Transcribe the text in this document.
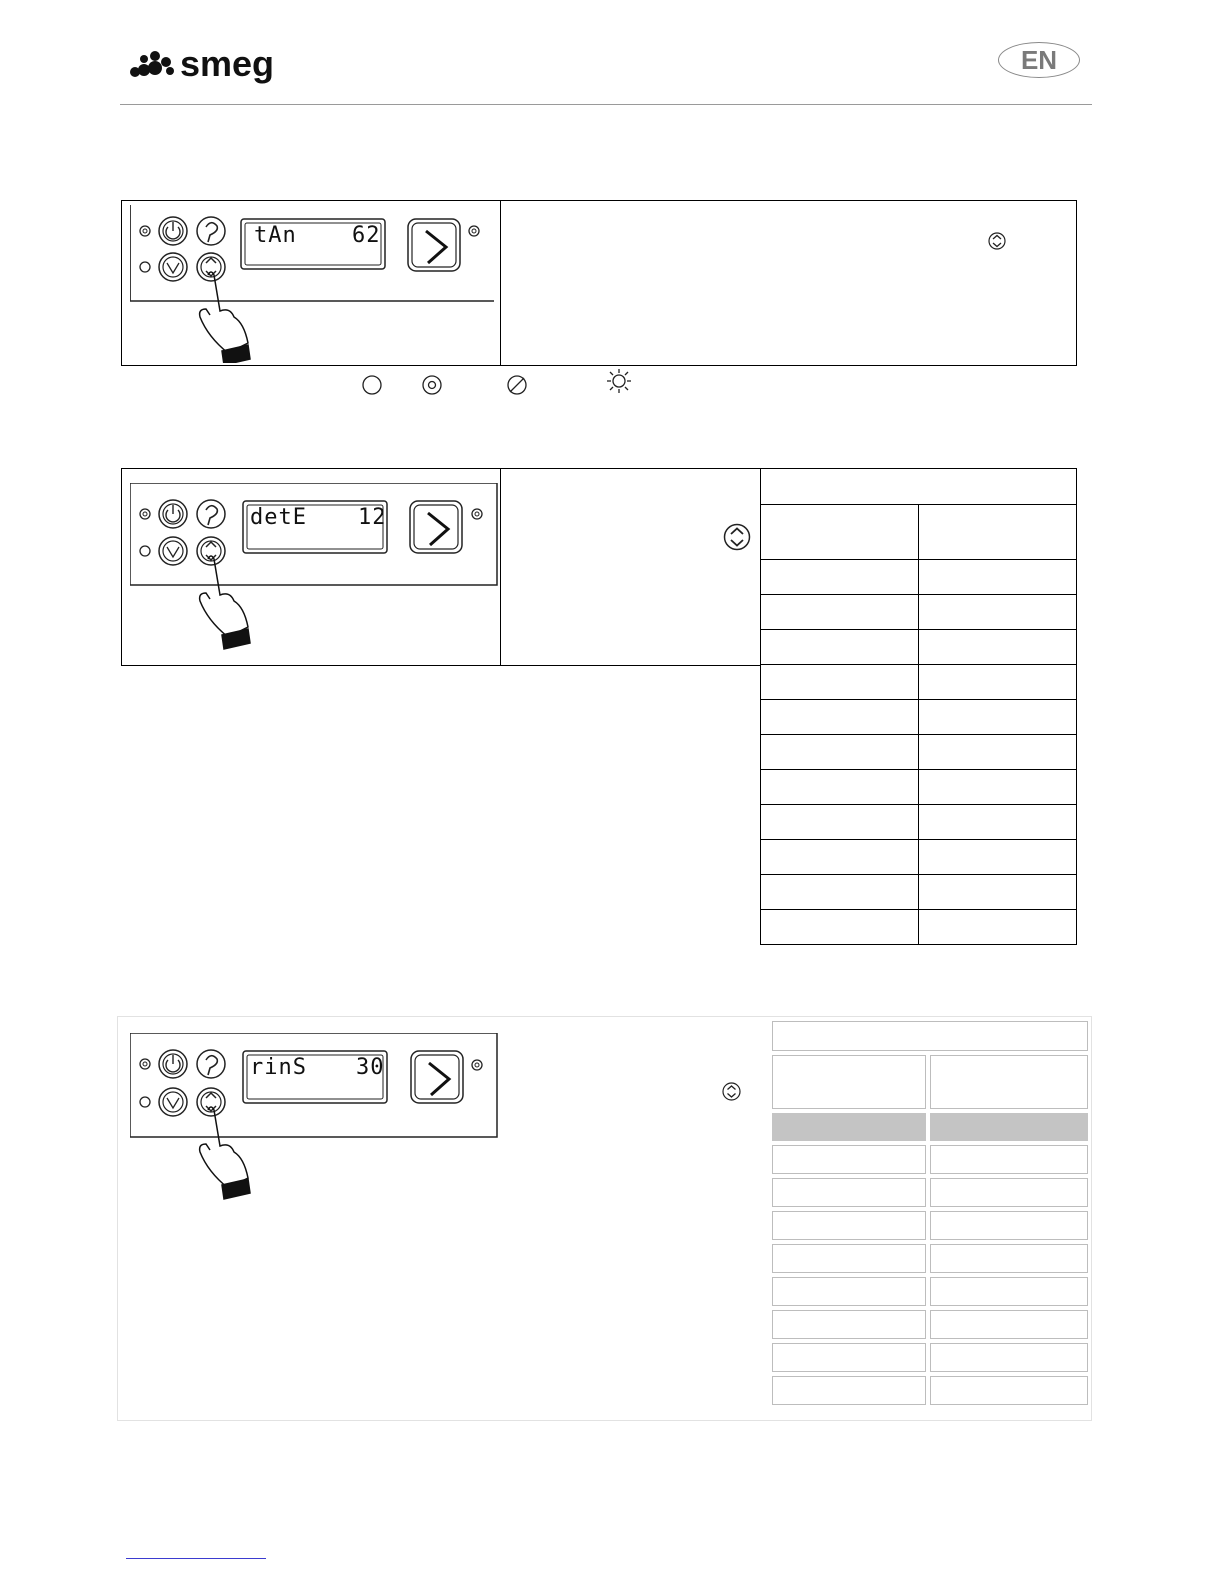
smeg	EN
tAn	62
detE 12

rinS 30
